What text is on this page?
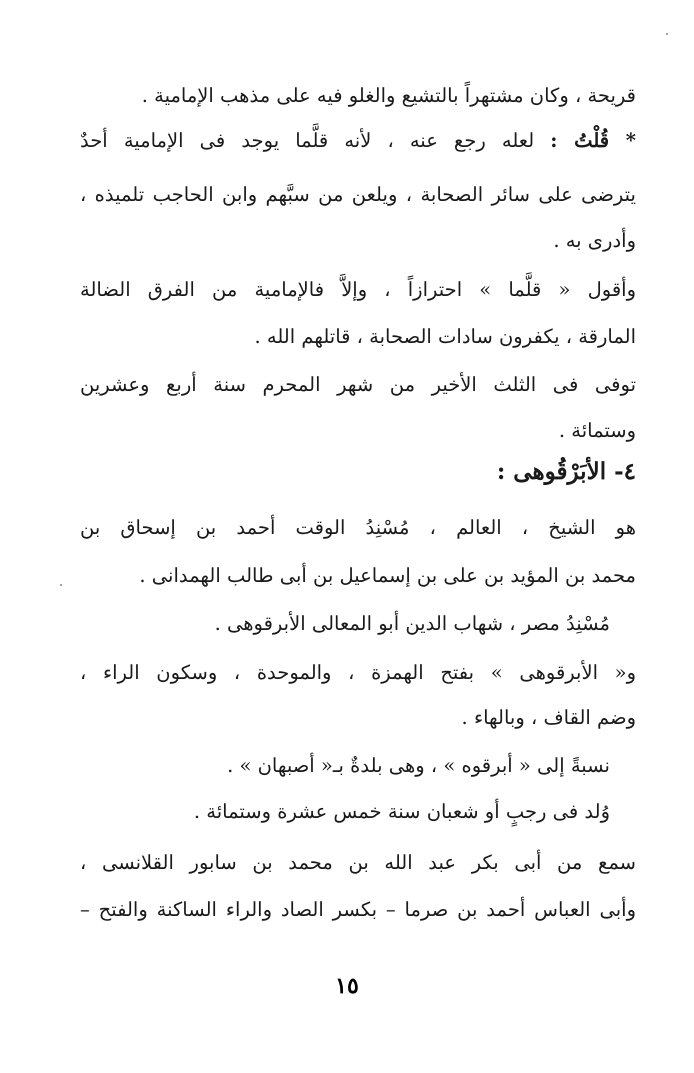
قريحة ، وكان مشتهراً بالتشيع والغلو فيه على مذهب الإمامية .
* قُلْتُ : لعله رجع عنه ، لأنه قلَّما يوجد فى الإمامية أحدٌ
يترضى على سائر الصحابة ، ويلعن من سبَّهم وابن الحاجب تلميذه ،
وأدرى به .
وأقول « قلَّما » احترازاً ، وإلاَّ فالإمامية من الفرق الضالة
المارقة ، يكفرون سادات الصحابة ، قاتلهم الله .
توفى فى الثلث الأخير من شهر المحرم سنة أربع وعشرين
وستمائة .
٤- الأبَرْقُوهى :
هو الشيخ ، العالم ، مُسْنِدُ الوقت أحمد بن إسحاق بن
محمد بن المؤيد بن على بن إسماعيل بن أبى طالب الهمدانى .
مُسْنِدُ مصر ، شهاب الدين أبو المعالى الأبرقوهى .
و« الأبرقوهى » بفتح الهمزة ، والموحدة ، وسكون الراء ،
وضم القاف ، وبالهاء .
نسبةً إلى « أبرقوه » ، وهى بلدةٌ بـ« أصبهان » .
وُلد فى رجبٍ أو شعبان سنة خمس عشرة وستمائة .
سمع من أبى بكر عبد الله بن محمد بن سابور القلانسى ،
وأبى العباس أحمد بن صرما – بكسر الصاد والراء الساكنة والفتح –
١٥
